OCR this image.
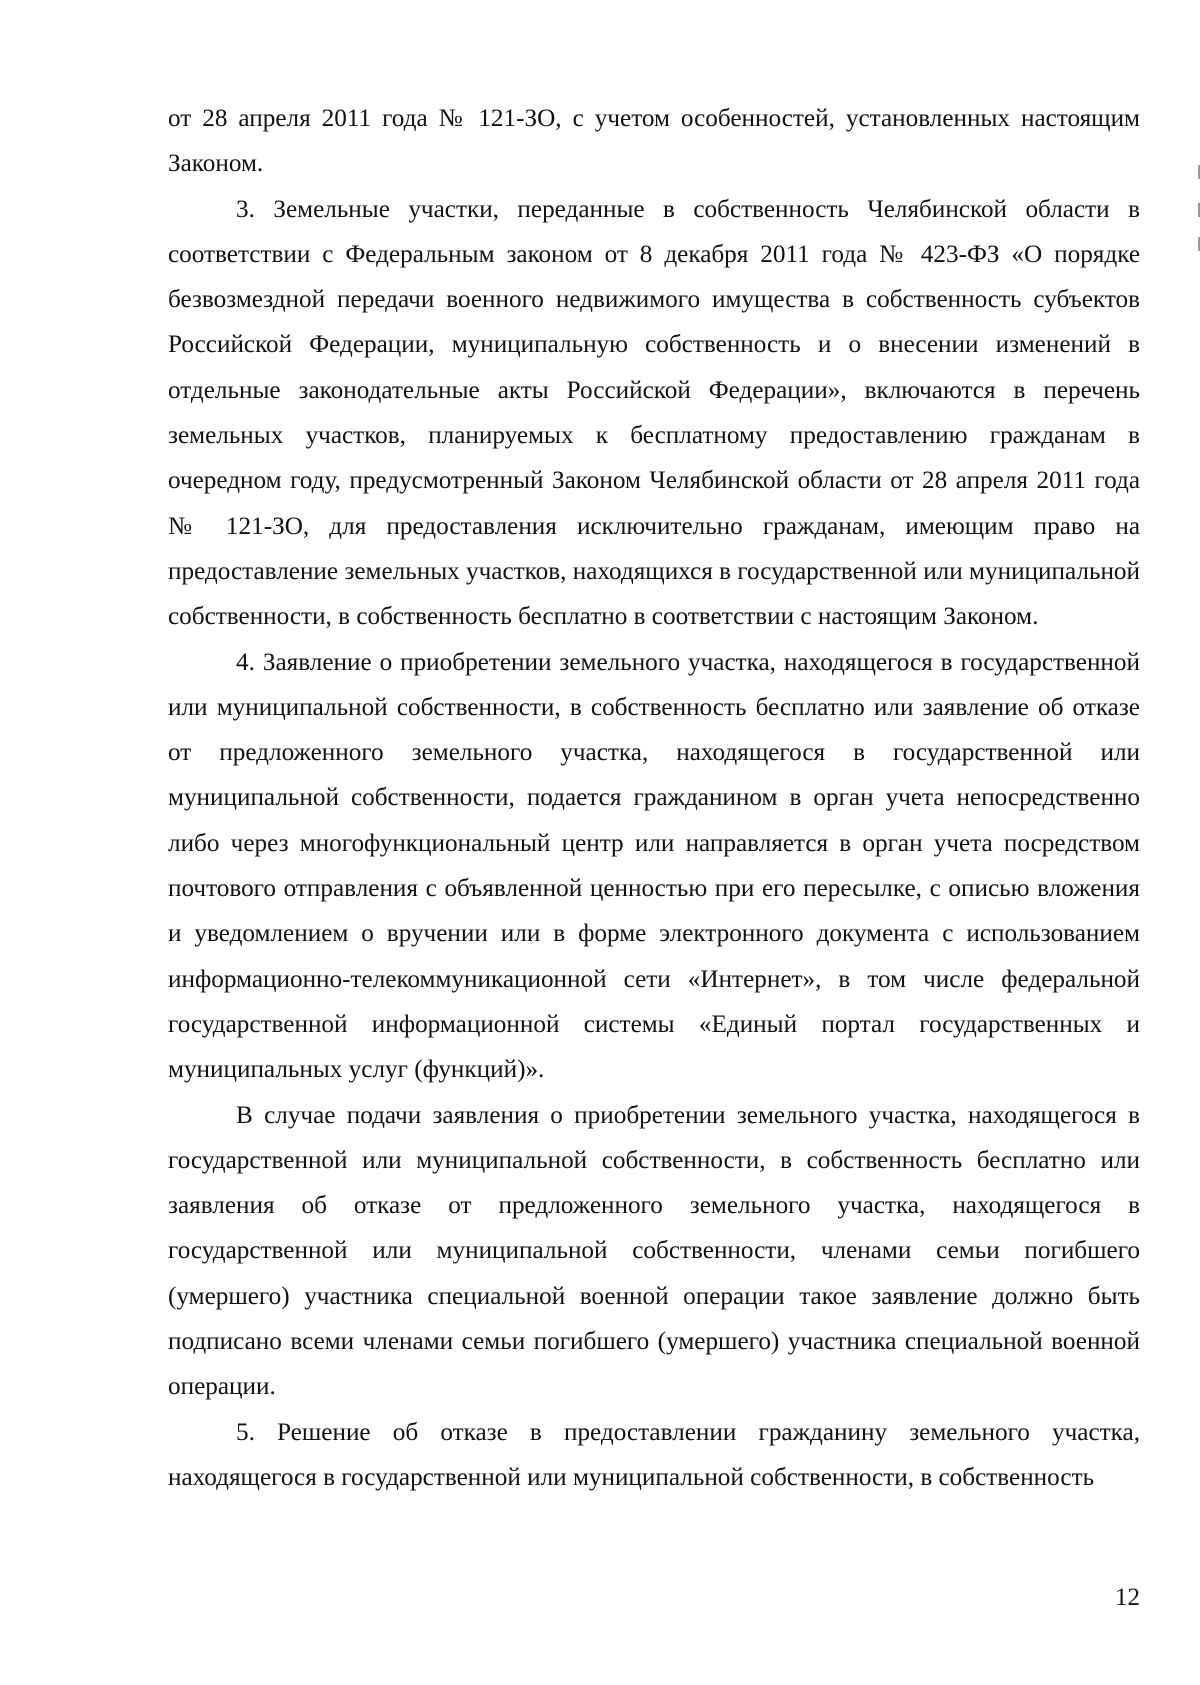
от 28 апреля 2011 года № 121-ЗО, с учетом особенностей, установленных настоящим Законом.

3. Земельные участки, переданные в собственность Челябинской области в соответствии с Федеральным законом от 8 декабря 2011 года № 423-ФЗ «О порядке безвозмездной передачи военного недвижимого имущества в собственность субъектов Российской Федерации, муниципальную собственность и о внесении изменений в отдельные законодательные акты Российской Федерации», включаются в перечень земельных участков, планируемых к бесплатному предоставлению гражданам в очередном году, предусмотренный Законом Челябинской области от 28 апреля 2011 года № 121-ЗО, для предоставления исключительно гражданам, имеющим право на предоставление земельных участков, находящихся в государственной или муниципальной собственности, в собственность бесплатно в соответствии с настоящим Законом.

4. Заявление о приобретении земельного участка, находящегося в государственной или муниципальной собственности, в собственность бесплатно или заявление об отказе от предложенного земельного участка, находящегося в государственной или муниципальной собственности, подается гражданином в орган учета непосредственно либо через многофункциональный центр или направляется в орган учета посредством почтового отправления с объявленной ценностью при его пересылке, с описью вложения и уведомлением о вручении или в форме электронного документа с использованием информационно-телекоммуникационной сети «Интернет», в том числе федеральной государственной информационной системы «Единый портал государственных и муниципальных услуг (функций)».

В случае подачи заявления о приобретении земельного участка, находящегося в государственной или муниципальной собственности, в собственность бесплатно или заявления об отказе от предложенного земельного участка, находящегося в государственной или муниципальной собственности, членами семьи погибшего (умершего) участника специальной военной операции такое заявление должно быть подписано всеми членами семьи погибшего (умершего) участника специальной военной операции.

5. Решение об отказе в предоставлении гражданину земельного участка, находящегося в государственной или муниципальной собственности, в собственность

12
